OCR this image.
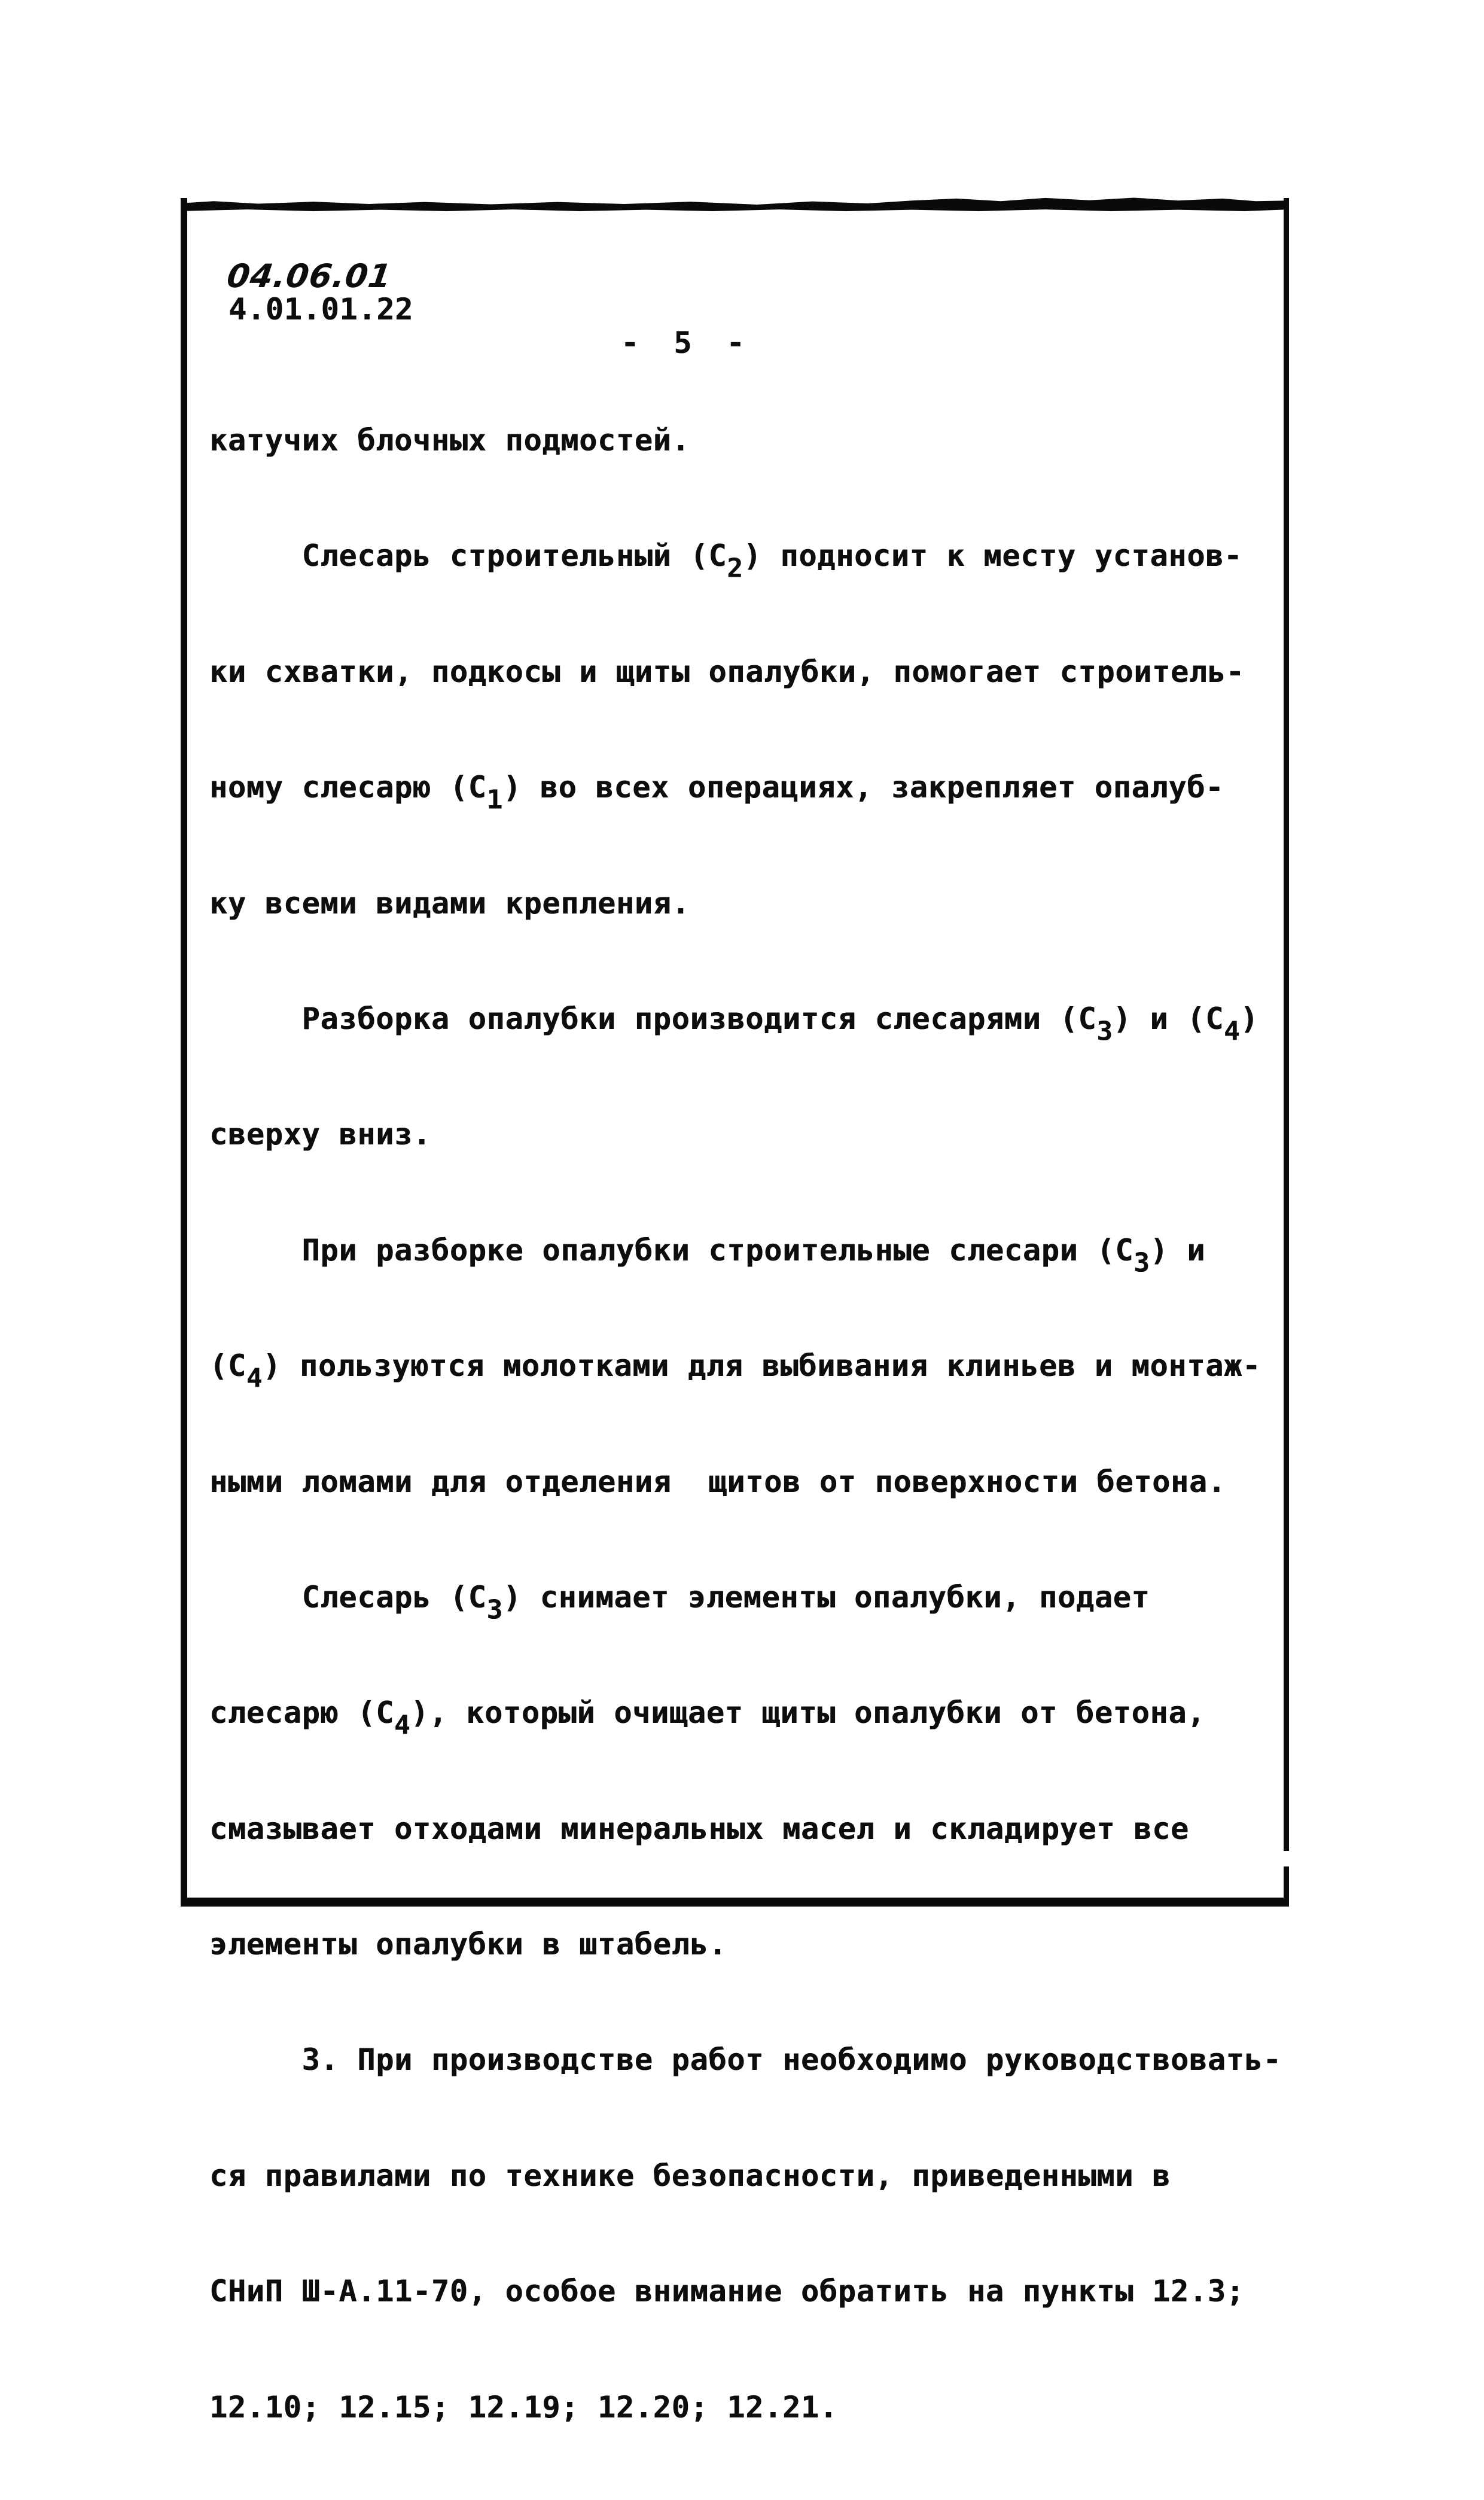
04.06.01
4.01.01.22
- 5 -

катучих блочных подмостей.

Слесарь строительный $(С_2)$ подносит к месту установ-

ки схватки, подкосы и щиты опалубки, помогает строитель-

ному слесарю $(С_1)$ во всех операциях, закрепляет опалуб-

ку всеми видами крепления.

Разборка опалубки производится слесарями $(С_3)$ и $(С_4)$

сверху вниз.

При разборке опалубки строительные слесари $(С_3)$ и

$(С_4)$ пользуются молотками для выбивания клиньев и монтаж-

ными ломами для отделения  щитов от поверхности бетона.

Слесарь $(С_3)$ снимает элементы опалубки, подает

слесарю $(С_4)$, который очищает щиты опалубки от бетона,

смазывает отходами минеральных масел и складирует все

элементы опалубки в штабель.

3. При производстве работ необходимо руководствовать-

ся правилами по технике безопасности, приведенными в

СНиП Ш-А.11-70, особое внимание обратить на пункты 12.3;

12.10; 12.15; 12.19; 12.20; 12.21.
